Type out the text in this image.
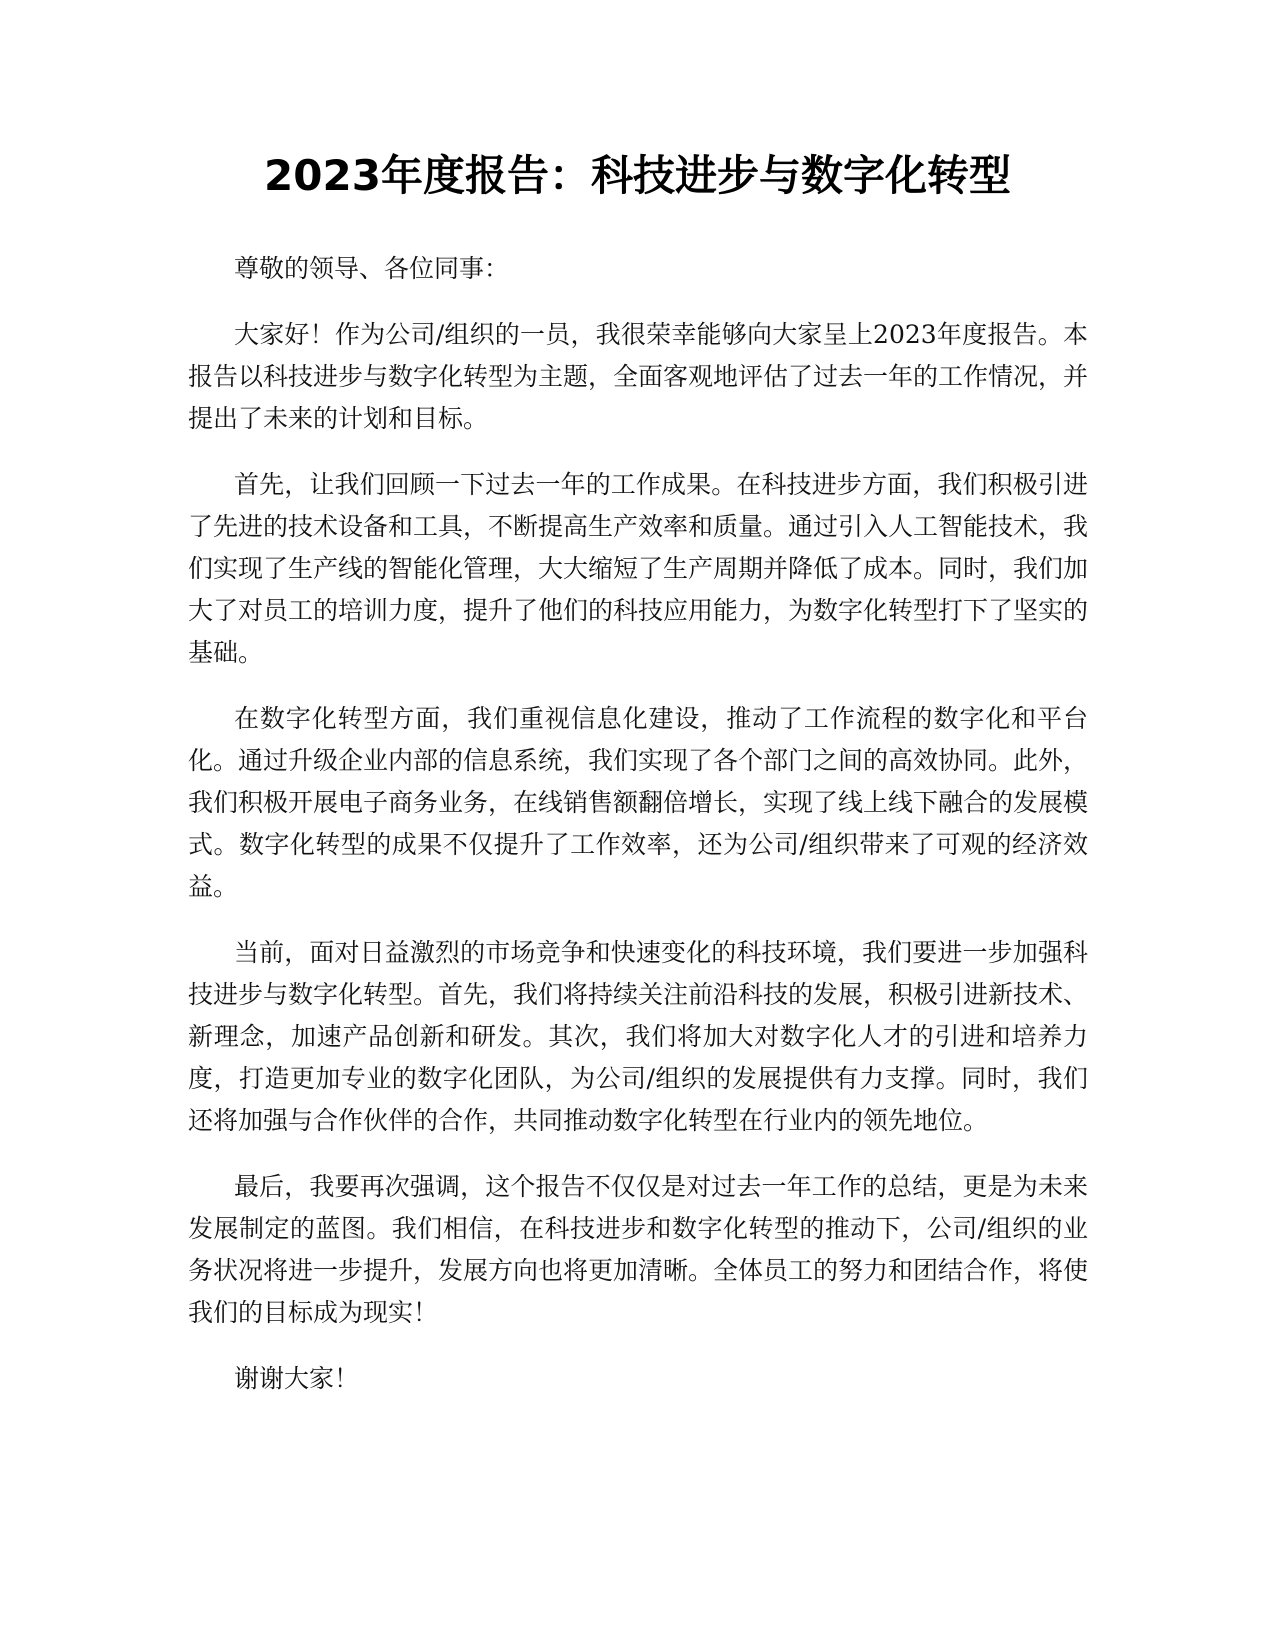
2023年度报告：科技进步与数字化转型

尊敬的领导、各位同事：

大家好！作为公司/组织的一员，我很荣幸能够向大家呈上2023年度报告。本报告以科技进步与数字化转型为主题，全面客观地评估了过去一年的工作情况，并提出了未来的计划和目标。

首先，让我们回顾一下过去一年的工作成果。在科技进步方面，我们积极引进了先进的技术设备和工具，不断提高生产效率和质量。通过引入人工智能技术，我们实现了生产线的智能化管理，大大缩短了生产周期并降低了成本。同时，我们加大了对员工的培训力度，提升了他们的科技应用能力，为数字化转型打下了坚实的基础。

在数字化转型方面，我们重视信息化建设，推动了工作流程的数字化和平台化。通过升级企业内部的信息系统，我们实现了各个部门之间的高效协同。此外，我们积极开展电子商务业务，在线销售额翻倍增长，实现了线上线下融合的发展模式。数字化转型的成果不仅提升了工作效率，还为公司/组织带来了可观的经济效益。

当前，面对日益激烈的市场竞争和快速变化的科技环境，我们要进一步加强科技进步与数字化转型。首先，我们将持续关注前沿科技的发展，积极引进新技术、新理念，加速产品创新和研发。其次，我们将加大对数字化人才的引进和培养力度，打造更加专业的数字化团队，为公司/组织的发展提供有力支撑。同时，我们还将加强与合作伙伴的合作，共同推动数字化转型在行业内的领先地位。

最后，我要再次强调，这个报告不仅仅是对过去一年工作的总结，更是为未来发展制定的蓝图。我们相信，在科技进步和数字化转型的推动下，公司/组织的业务状况将进一步提升，发展方向也将更加清晰。全体员工的努力和团结合作，将使我们的目标成为现实！

谢谢大家！
